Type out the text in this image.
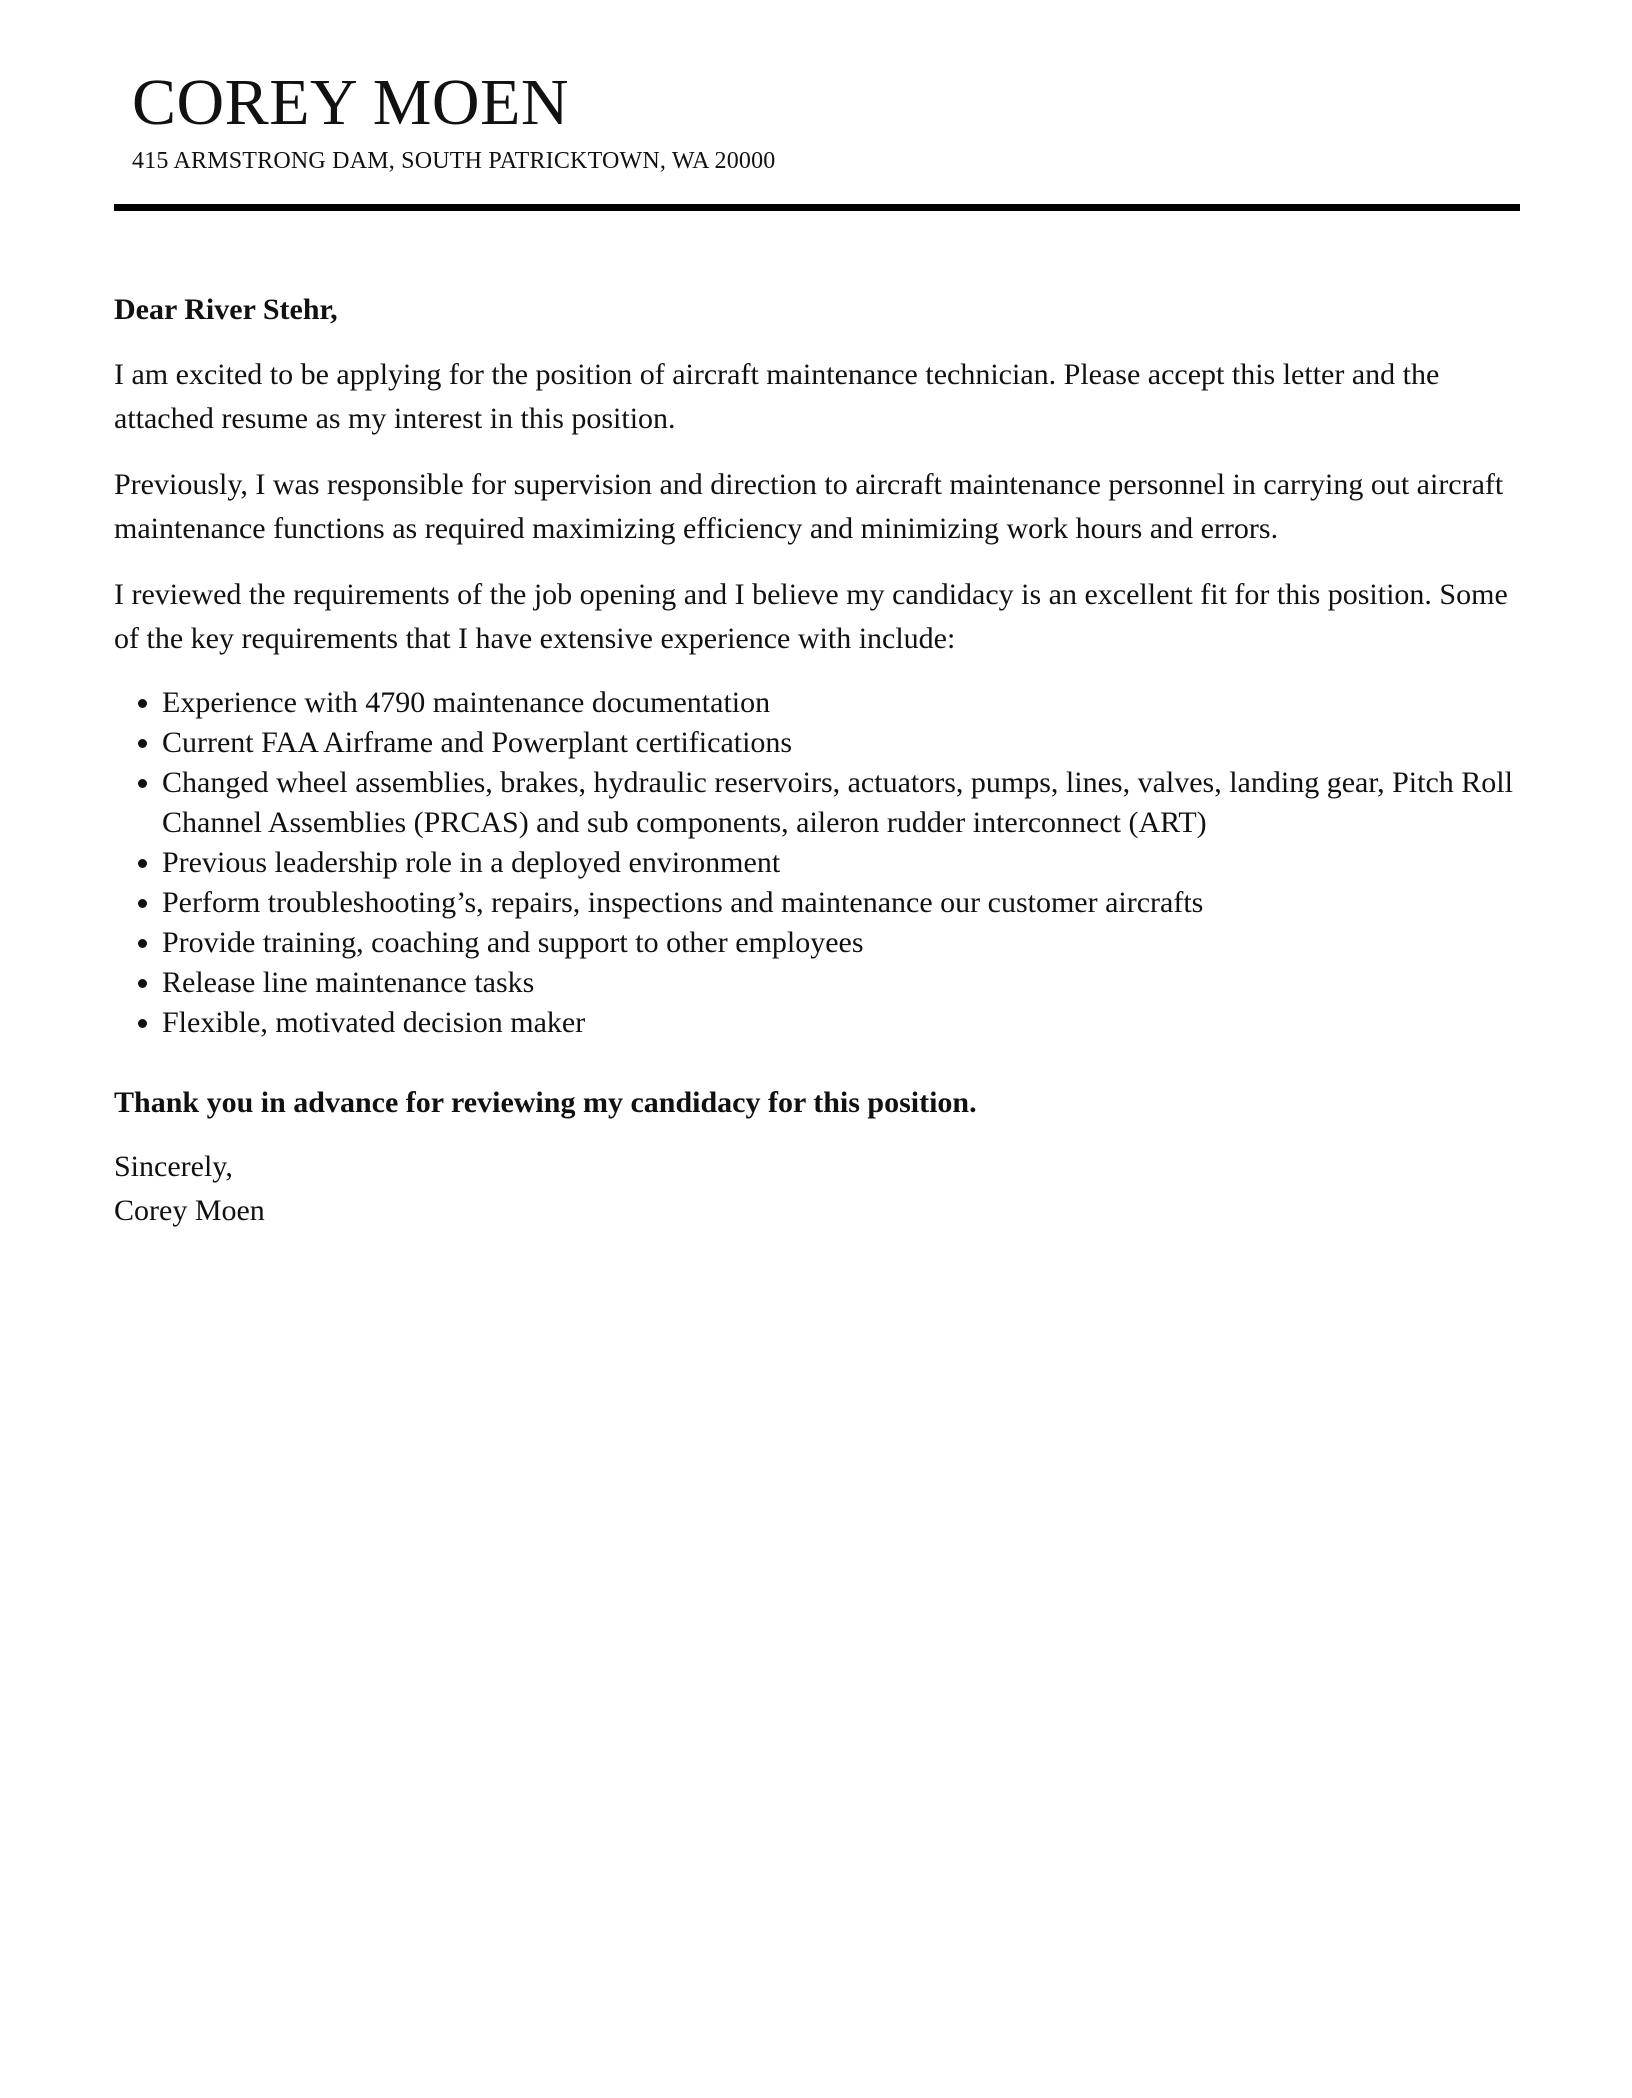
COREY MOEN
415 ARMSTRONG DAM, SOUTH PATRICKTOWN, WA 20000

Dear River Stehr,

I am excited to be applying for the position of aircraft maintenance technician. Please accept this letter and the attached resume as my interest in this position.

Previously, I was responsible for supervision and direction to aircraft maintenance personnel in carrying out aircraft maintenance functions as required maximizing efficiency and minimizing work hours and errors.

I reviewed the requirements of the job opening and I believe my candidacy is an excellent fit for this position. Some of the key requirements that I have extensive experience with include:

• Experience with 4790 maintenance documentation
• Current FAA Airframe and Powerplant certifications
• Changed wheel assemblies, brakes, hydraulic reservoirs, actuators, pumps, lines, valves, landing gear, Pitch Roll Channel Assemblies (PRCAS) and sub components, aileron rudder interconnect (ART)
• Previous leadership role in a deployed environment
• Perform troubleshooting’s, repairs, inspections and maintenance our customer aircrafts
• Provide training, coaching and support to other employees
• Release line maintenance tasks
• Flexible, motivated decision maker

Thank you in advance for reviewing my candidacy for this position.

Sincerely,
Corey Moen
